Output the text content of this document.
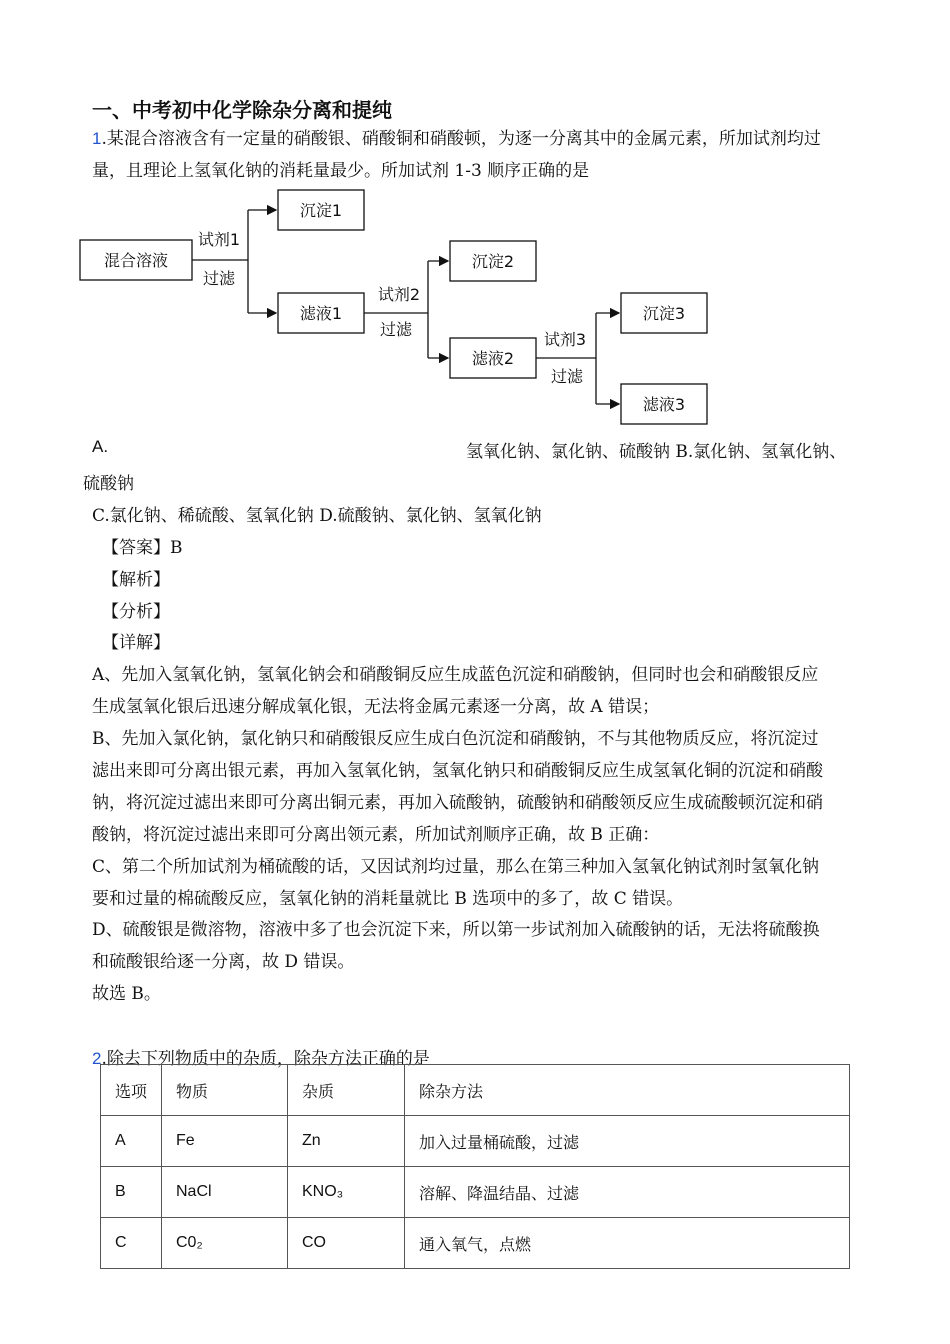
一、中考初中化学除杂分离和提纯
1.某混合溶液含有一定量的硝酸银、硝酸铜和硝酸顿，为逐一分离其中的金属元素，所加试剂均过
量，且理论上氢氧化钠的消耗量最少。所加试剂 1-3 顺序正确的是
混合溶液
沉淀1
滤液1
沉淀2
滤液2
沉淀3
滤液3
试剂1
过滤
试剂2
过滤
试剂3
过滤
A.	氢氧化钠、氯化钠、硫酸钠 B.氯化钠、氢氧化钠、
硫酸钠
C.氯化钠、稀硫酸、氢氧化钠 D.硫酸钠、氯化钠、氢氧化钠
【答案】B
【解析】
【分析】
【详解】
A、先加入氢氧化钠，氢氧化钠会和硝酸铜反应生成蓝色沉淀和硝酸钠，但同时也会和硝酸银反应
生成氢氧化银后迅速分解成氧化银，无法将金属元素逐一分离，故 A 错误；
B、先加入氯化钠，氯化钠只和硝酸银反应生成白色沉淀和硝酸钠，不与其他物质反应，将沉淀过
滤出来即可分离出银元素，再加入氢氧化钠，氢氧化钠只和硝酸铜反应生成氢氧化铜的沉淀和硝酸
钠，将沉淀过滤出来即可分离出铜元素，再加入硫酸钠，硫酸钠和硝酸领反应生成硫酸顿沉淀和硝
酸钠，将沉淀过滤出来即可分离出领元素，所加试剂顺序正确，故 B 正确：
C、第二个所加试剂为桶硫酸的话，又因试剂均过量，那么在第三种加入氢氧化钠试剂时氢氧化钠
要和过量的棉硫酸反应，氢氧化钠的消耗量就比 B 选项中的多了，故 C 错误。
D、硫酸银是微溶物，溶液中多了也会沉淀下来，所以第一步试剂加入硫酸钠的话，无法将硫酸换
和硫酸银给逐一分离，故 D 错误。
故选 B。
2.除去下列物质中的杂质，除杂方法正确的是
选项	物质	杂质	除杂方法
A	Fe	Zn	加入过量桶硫酸，过滤
B	NaCl	KNO₃	溶解、降温结晶、过滤
C	C0₂	CO	通入氧气，点燃
